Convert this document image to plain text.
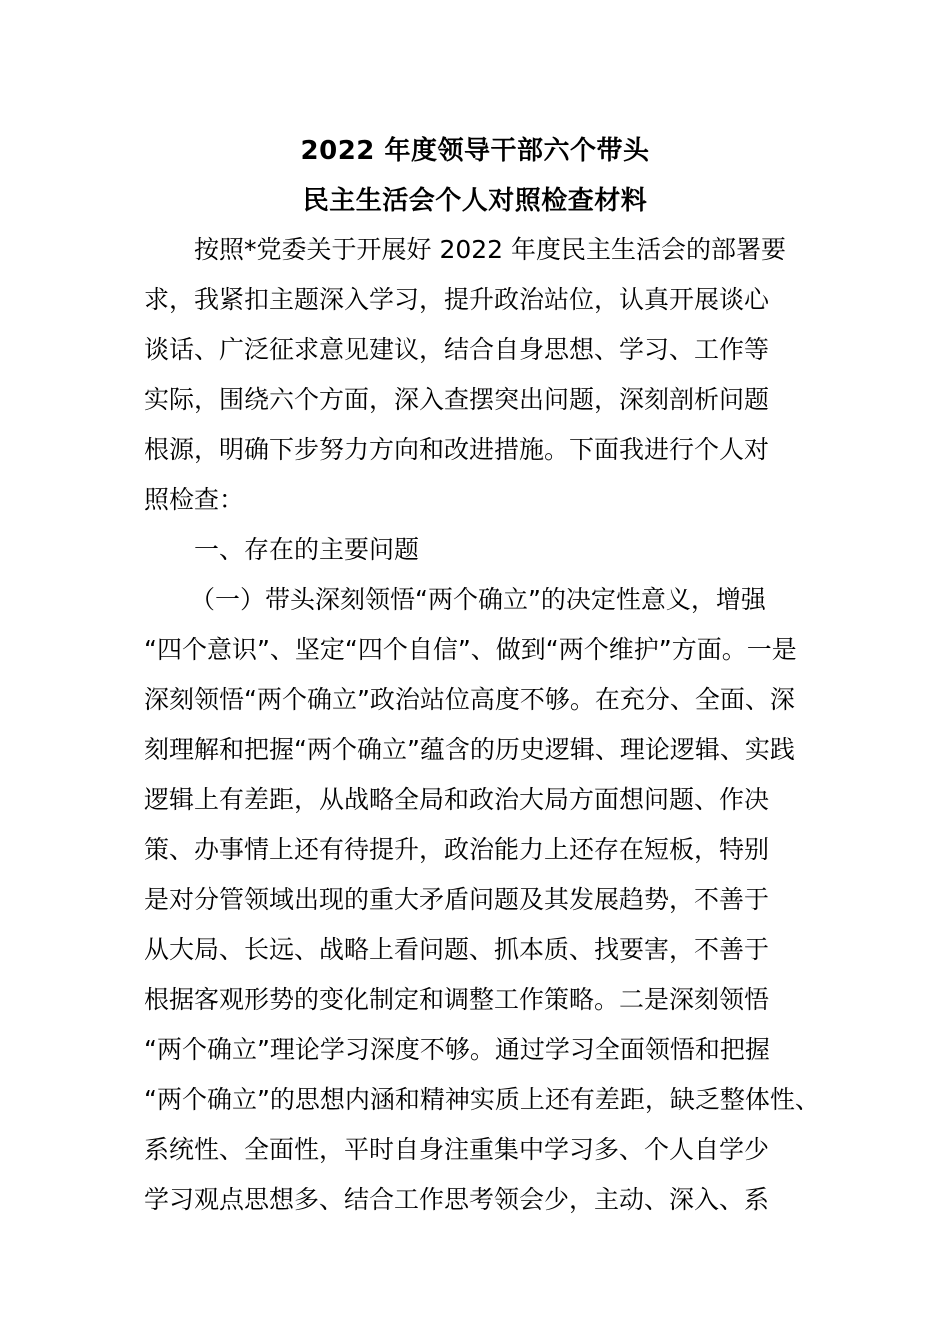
2022 年度领导干部六个带头
民主生活会个人对照检查材料
按照*党委关于开展好 2022 年度民主生活会的部署要
求，我紧扣主题深入学习，提升政治站位，认真开展谈心
谈话、广泛征求意见建议，结合自身思想、学习、工作等
实际，围绕六个方面，深入查摆突出问题，深刻剖析问题
根源，明确下步努力方向和改进措施。下面我进行个人对
照检查：
一、存在的主要问题
（一）带头深刻领悟“两个确立”的决定性意义，增强
“四个意识”、坚定“四个自信”、做到“两个维护”方面。一是
深刻领悟“两个确立”政治站位高度不够。在充分、全面、深
刻理解和把握“两个确立”蕴含的历史逻辑、理论逻辑、实践
逻辑上有差距，从战略全局和政治大局方面想问题、作决
策、办事情上还有待提升，政治能力上还存在短板，特别
是对分管领域出现的重大矛盾问题及其发展趋势，不善于
从大局、长远、战略上看问题、抓本质、找要害，不善于
根据客观形势的变化制定和调整工作策略。二是深刻领悟
“两个确立”理论学习深度不够。通过学习全面领悟和把握
“两个确立”的思想内涵和精神实质上还有差距，缺乏整体性、
系统性、全面性，平时自身注重集中学习多、个人自学少
学习观点思想多、结合工作思考领会少，主动、深入、系
